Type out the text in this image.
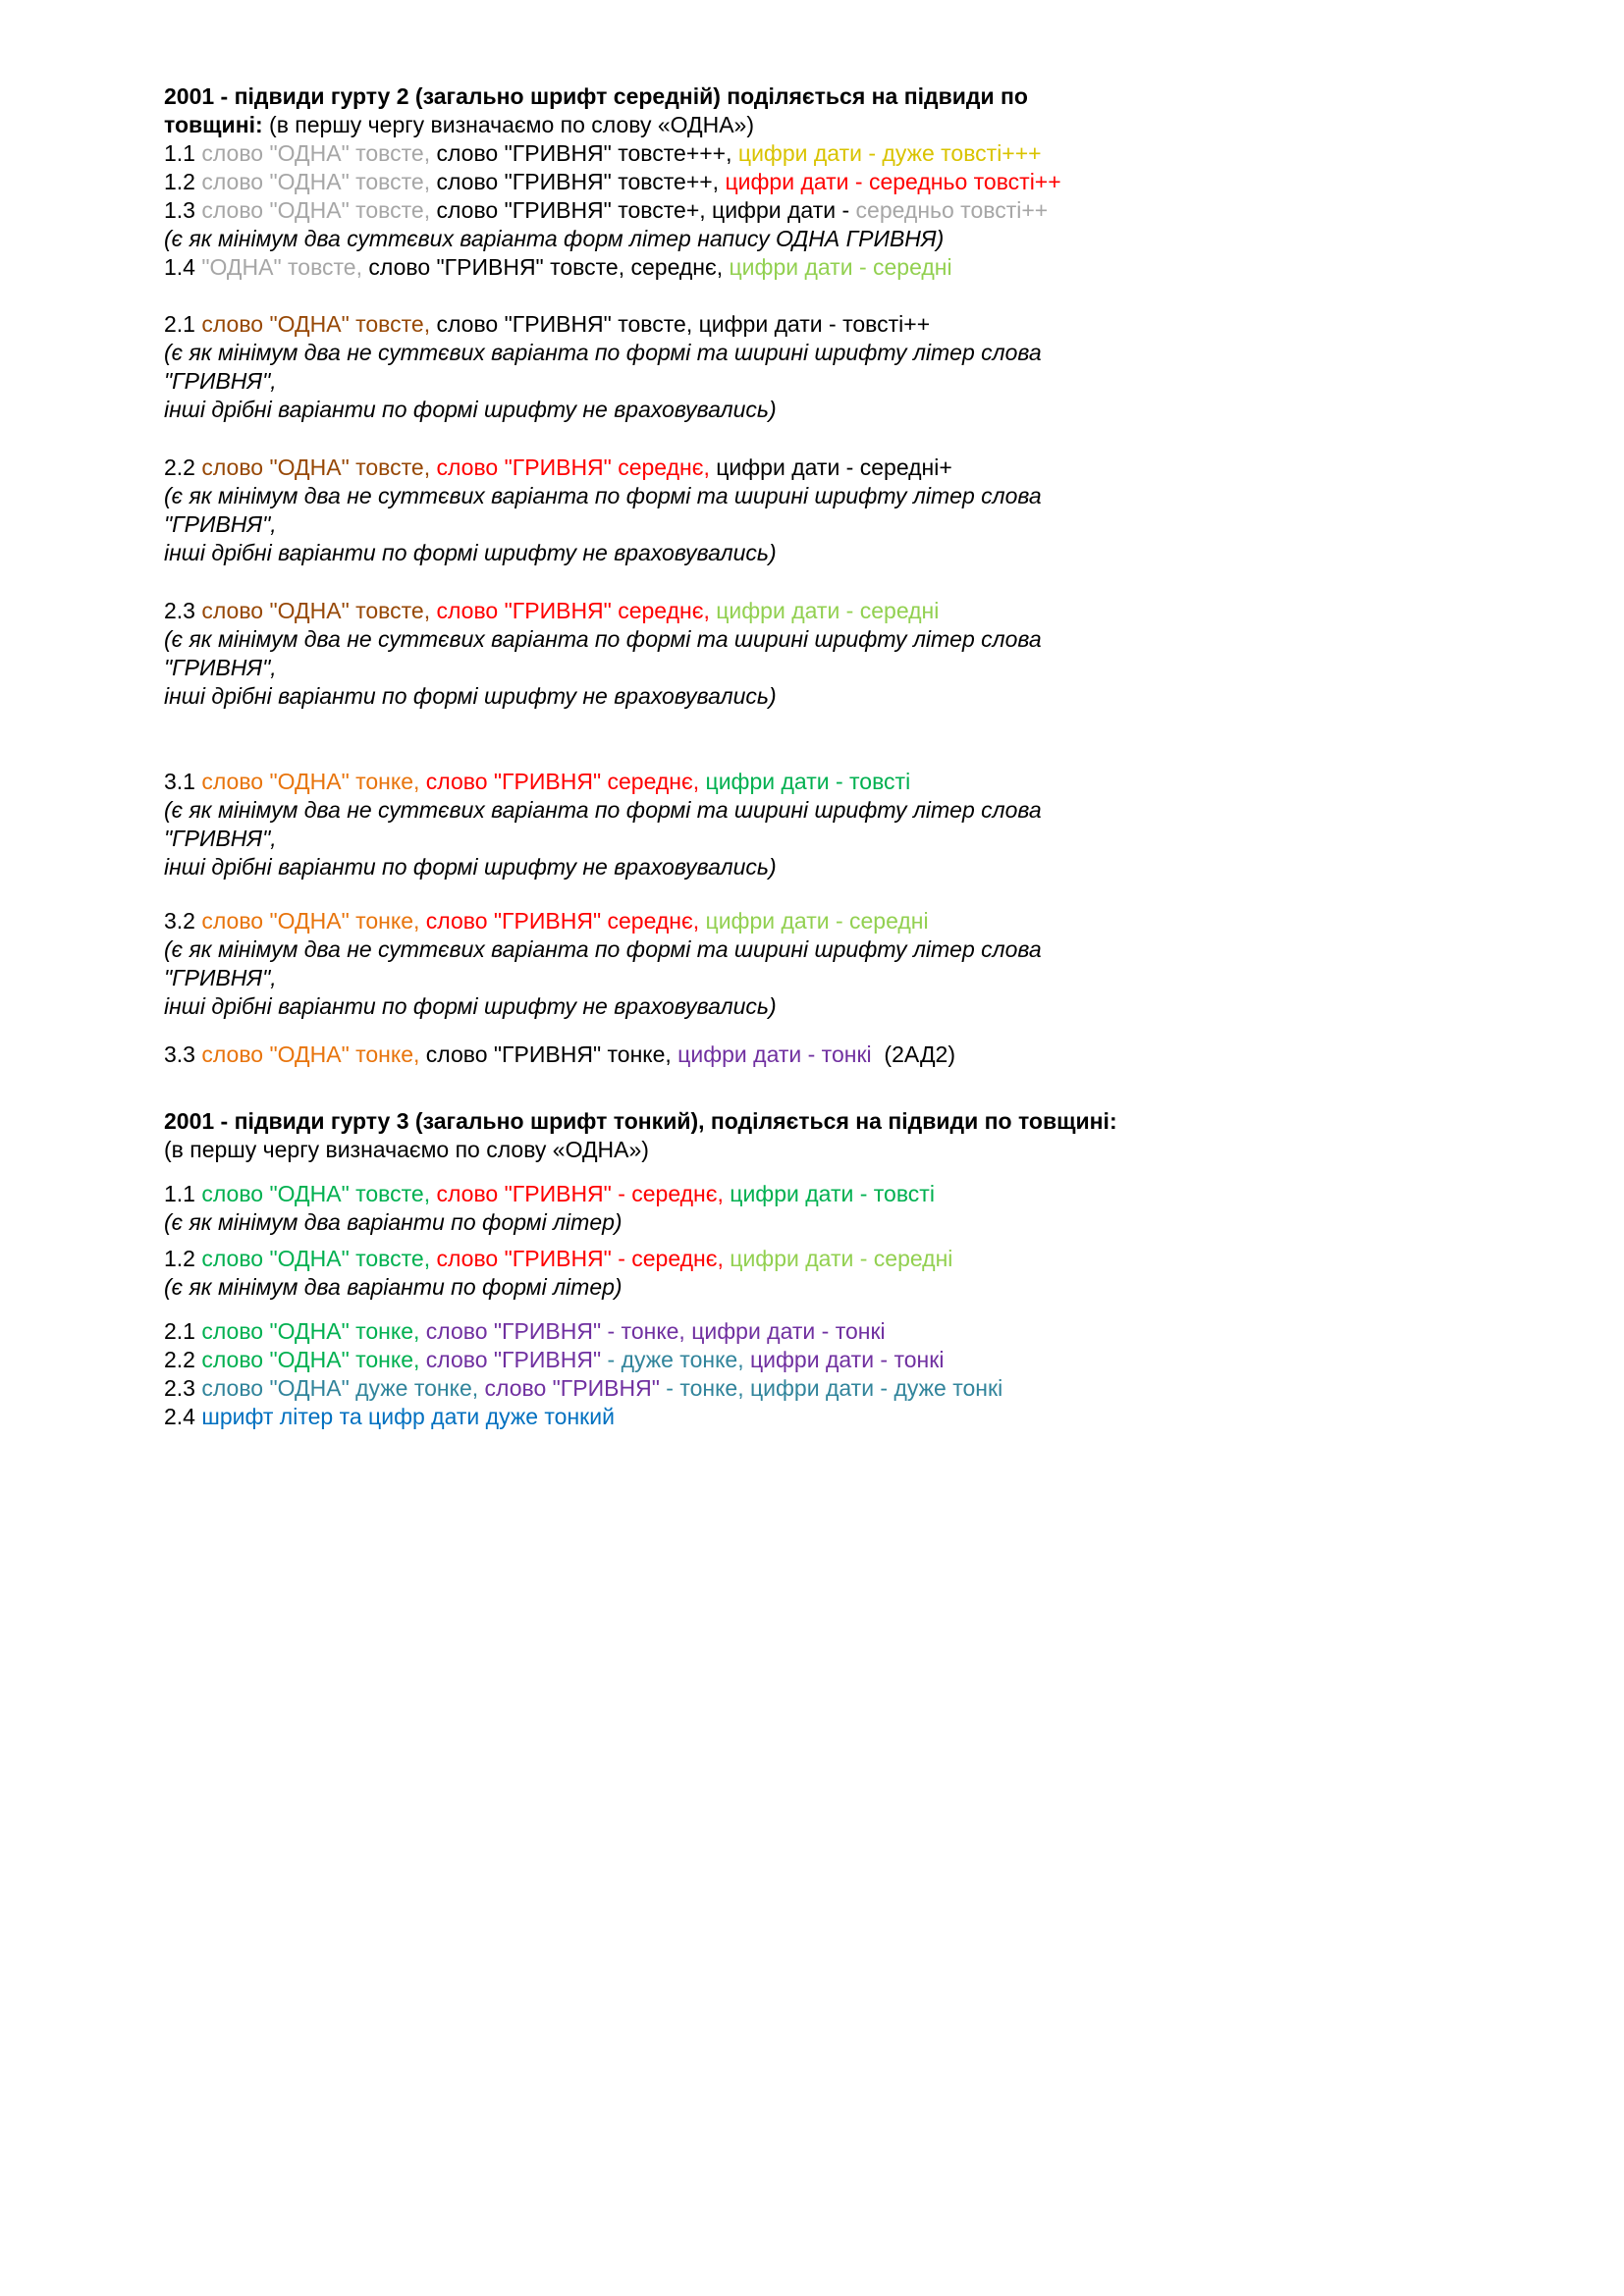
2001 - підвиди гурту 2 (загально шрифт середній) поділяється на підвиди по
товщині: (в першу чергу визначаємо по слову «ОДНА»)
1.1 слово "ОДНА" товсте, слово "ГРИВНЯ" товсте+++, цифри дати - дуже товсті+++
1.2 слово "ОДНА" товсте, слово "ГРИВНЯ" товсте++, цифри дати - середньо товсті++
1.3 слово "ОДНА" товсте, слово "ГРИВНЯ" товсте+, цифри дати - середньо товсті++
(є як мінімум два суттєвих варіанта форм літер напису ОДНА ГРИВНЯ)
1.4 "ОДНА" товсте, слово "ГРИВНЯ" товсте, середнє, цифри дати - середні
2.1 слово "ОДНА" товсте, слово "ГРИВНЯ" товсте, цифри дати - товсті++
(є як мінімум два не суттєвих варіанта по формі та ширині шрифту літер слова
"ГРИВНЯ",
інші дрібні варіанти по формі шрифту не враховувались)
2.2 слово "ОДНА" товсте, слово "ГРИВНЯ" середнє, цифри дати - середні+
(є як мінімум два не суттєвих варіанта по формі та ширині шрифту літер слова
"ГРИВНЯ",
інші дрібні варіанти по формі шрифту не враховувались)
2.3 слово "ОДНА" товсте, слово "ГРИВНЯ" середнє, цифри дати - середні
(є як мінімум два не суттєвих варіанта по формі та ширині шрифту літер слова
"ГРИВНЯ",
інші дрібні варіанти по формі шрифту не враховувались)
3.1 слово "ОДНА" тонке, слово "ГРИВНЯ" середнє, цифри дати - товсті
(є як мінімум два не суттєвих варіанта по формі та ширині шрифту літер слова
"ГРИВНЯ",
інші дрібні варіанти по формі шрифту не враховувались)
3.2 слово "ОДНА" тонке, слово "ГРИВНЯ" середнє, цифри дати - середні
(є як мінімум два не суттєвих варіанта по формі та ширині шрифту літер слова
"ГРИВНЯ",
інші дрібні варіанти по формі шрифту не враховувались)
3.3 слово "ОДНА" тонке, слово "ГРИВНЯ" тонке, цифри дати - тонкі  (2АД2)
2001 - підвиди гурту 3 (загально шрифт тонкий), поділяється на підвиди по товщині:
(в першу чергу визначаємо по слову «ОДНА»)
1.1 слово "ОДНА" товсте, слово "ГРИВНЯ" - середнє, цифри дати - товсті
(є як мінімум два варіанти по формі літер)
1.2 слово "ОДНА" товсте, слово "ГРИВНЯ" - середнє, цифри дати - середні
(є як мінімум два варіанти по формі літер)
2.1 слово "ОДНА" тонке, слово "ГРИВНЯ" - тонке, цифри дати - тонкі
2.2 слово "ОДНА" тонке, слово "ГРИВНЯ" - дуже тонке, цифри дати - тонкі
2.3 слово "ОДНА" дуже тонке, слово "ГРИВНЯ" - тонке, цифри дати - дуже тонкі
2.4 шрифт літер та цифр дати дуже тонкий
